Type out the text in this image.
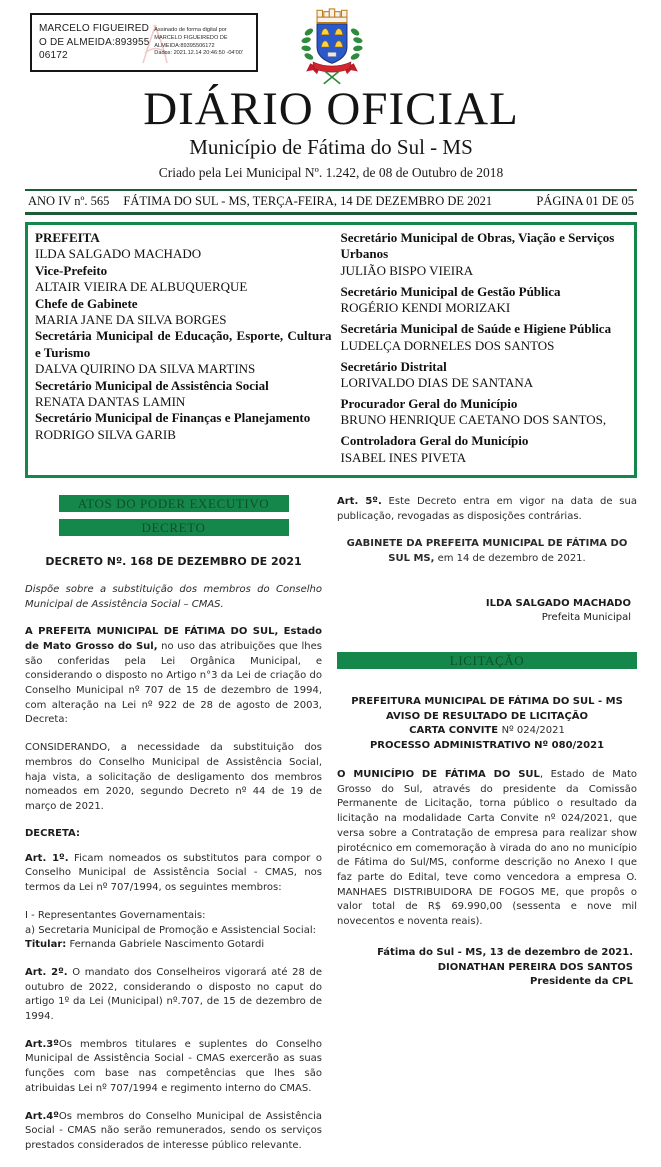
MARCELO FIGUEIREDO DE ALMEIDA:89395506172
Assinado de forma digital por
MARCELO FIGUEIREDO DE
ALMEIDA:89395506172
Dados: 2021.12.14 20:46:50 -04'00'
DIÁRIO OFICIAL
Município de Fátima do Sul - MS
Criado pela Lei Municipal Nº. 1.242, de 08 de Outubro de 2018
ANO IV nº. 565 FÁTIMA DO SUL - MS, TERÇA-FEIRA, 14 DE DEZEMBRO DE 2021	PÁGINA 01 DE 05
PREFEITA
ILDA SALGADO MACHADO
Vice-Prefeito
ALTAIR VIEIRA DE ALBUQUERQUE
Chefe de Gabinete
MARIA JANE DA SILVA BORGES
Secretária Municipal de Educação, Esporte, Cultura e Turismo
DALVA QUIRINO DA SILVA MARTINS
Secretário Municipal de Assistência Social
RENATA DANTAS LAMIN
Secretário Municipal de Finanças e Planejamento
RODRIGO SILVA GARIB
Secretário Municipal de Obras, Viação e Serviços Urbanos
JULIÃO BISPO VIEIRA
Secretário Municipal de Gestão Pública
ROGÉRIO KENDI MORIZAKI
Secretária Municipal de Saúde e Higiene Pública
LUDELÇA DORNELES DOS SANTOS
Secretário Distrital
LORIVALDO DIAS DE SANTANA
Procurador Geral do Município
BRUNO HENRIQUE CAETANO DOS SANTOS,
Controladora Geral do Município
ISABEL INES PIVETA
ATOS DO PODER EXECUTIVO
DECRETO
DECRETO Nº. 168 DE DEZEMBRO DE 2021

Dispõe sobre a substituição dos membros do Conselho Municipal de Assistência Social – CMAS.

A PREFEITA MUNICIPAL DE FÁTIMA DO SUL, Estado de Mato Grosso do Sul, no uso das atribuições que lhes são conferidas pela Lei Orgânica Municipal, e considerando o disposto no Artigo n°3 da Lei de criação do Conselho Municipal nº 707 de 15 de dezembro de 1994, com alteração na Lei nº 922 de 28 de agosto de 2003, Decreta:

CONSIDERANDO, a necessidade da substituição dos membros do Conselho Municipal de Assistência Social, haja vista, a solicitação de desligamento dos membros nomeados em 2020, segundo Decreto nº 44 de 19 de março de 2021.

DECRETA:

Art. 1º. Ficam nomeados os substitutos para compor o Conselho Municipal de Assistência Social - CMAS, nos termos da Lei nº 707/1994, os seguintes membros:

I - Representantes Governamentais:

a) Secretaria Municipal de Promoção e Assistencial Social:

Titular: Fernanda Gabriele Nascimento Gotardi

Art. 2º. O mandato dos Conselheiros vigorará até 28 de outubro de 2022, considerando o disposto no caput do artigo 1º da Lei (Municipal) nº.707, de 15 de dezembro de 1994.

Art.3ºOs membros titulares e suplentes do Conselho Municipal de Assistência Social - CMAS exercerão as suas funções com base nas competências que lhes são atribuidas Lei nº 707/1994 e regimento interno do CMAS.

Art.4ºOs membros do Conselho Municipal de Assistência Social - CMAS não serão remunerados, sendo os serviços prestados considerados de interesse público relevante.

Art. 5º. Este Decreto entra em vigor na data de sua publicação, revogadas as disposições contrárias.

GABINETE DA PREFEITA MUNICIPAL DE FÁTIMA DO SUL MS, em 14 de dezembro de 2021.
ILDA SALGADO MACHADO
Prefeita Municipal
LICITAÇÃO
PREFEITURA MUNICIPAL DE FÁTIMA DO SUL - MS
AVISO DE RESULTADO DE LICITAÇÃO
CARTA CONVITE Nº 024/2021
PROCESSO ADMINISTRATIVO Nº 080/2021

O MUNICÍPIO DE FÁTIMA DO SUL, Estado de Mato Grosso do Sul, através do presidente da Comissão Permanente de Licitação, torna público o resultado da licitação na modalidade Carta Convite nº 024/2021, que versa sobre a Contratação de empresa para realizar show pirotécnico em comemoração à virada do ano no município de Fátima do Sul/MS, conforme descrição no Anexo I que faz parte do Edital, teve como vencedora a empresa O. MANHAES DISTRIBUIDORA DE FOGOS ME, que propôs o valor total de R$ 69.990,00 (sessenta e nove mil novecentos e noventa reais).

Fátima do Sul - MS, 13 de dezembro de 2021.
DIONATHAN PEREIRA DOS SANTOS
Presidente da CPL
